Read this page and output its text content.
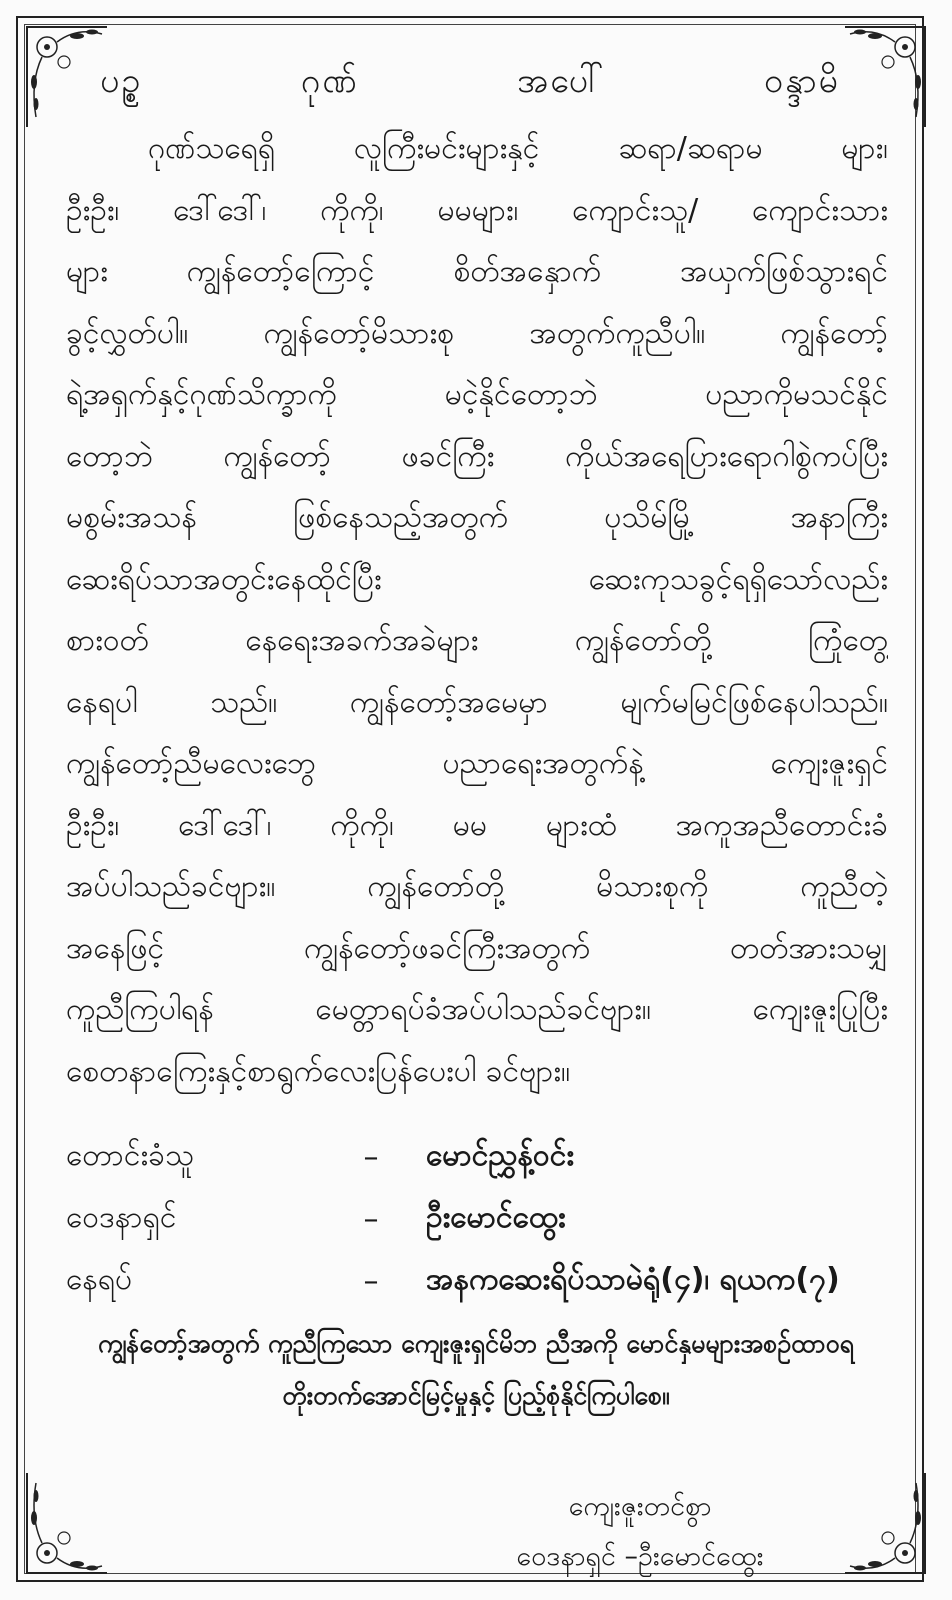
ပဉ္စ	ဂုဏ်	အပေါ်	ဝန္ဒာမိ
ဂုဏ်သရေရှိ လူကြီးမင်းများနှင့် ဆရာ/ဆရာမ များ၊
ဦးဦး၊ ဒေါ်ဒေါ်၊ ကိုကို၊ မမများ၊ ကျောင်းသူ/ ကျောင်းသား
များ ကျွန်တော့်ကြောင့် စိတ်အနှောက် အယှက်ဖြစ်သွားရင်
ခွင့်လွှတ်ပါ။ ကျွန်တော့်မိသားစု အတွက်ကူညီပါ။ ကျွန်တော့်
ရဲ့အရှက်နှင့်ဂုဏ်သိက္ခာကို မငဲ့နိုင်တော့ဘဲ ပညာကိုမသင်နိုင်
တော့ဘဲ ကျွန်တော့် ဖခင်ကြီး ကိုယ်အရေပြားရောဂါစွဲကပ်ပြီး
မစွမ်းအသန် ဖြစ်နေသည့်အတွက် ပုသိမ်မြို့ အနာကြီး
ဆေးရိပ်သာအတွင်းနေထိုင်ပြီး ဆေးကုသခွင့်ရရှိသော်လည်း
စားဝတ် နေရေးအခက်အခဲများ ကျွန်တော်တို့ ကြုံတွေ့
နေရပါ သည်။ ကျွန်တော့်အမေမှာ မျက်မမြင်ဖြစ်နေပါသည်။
ကျွန်တော့်ညီမလေးဘွေ ပညာရေးအတွက်နဲ့ ကျေးဇူးရှင်
ဦးဦး၊ ဒေါ်ဒေါ်၊ ကိုကို၊ မမ များထံ အကူအညီတောင်းခံ
အပ်ပါသည်ခင်ဗျား။ ကျွန်တော်တို့ မိသားစုကို ကူညီတဲ့
အနေဖြင့် ကျွန်တော့်ဖခင်ကြီးအတွက် တတ်အားသမျှ
ကူညီကြပါရန် မေတ္တာရပ်ခံအပ်ပါသည်ခင်ဗျား။ ကျေးဇူးပြုပြီး
စေတနာကြေးနှင့်စာရွက်လေးပြန်ပေးပါ ခင်ဗျား။
တောင်းခံသူ	–	မောင်ညွှန့်ဝင်း
ဝေဒနာရှင်	–	ဦးမောင်ထွေး
နေရပ်	–	အနကဆေးရိပ်သာမဲရုံ(၄)၊ ရယက(၇)
ကျွန်တော့်အတွက် ကူညီကြသော ကျေးဇူးရှင်မိဘ ညီအကို မောင်နှမများအစဉ်ထာဝရ
တိုးတက်အောင်မြင့်မှုနှင့် ပြည့်စုံနိုင်ကြပါစေ။
ကျေးဇူးတင်စွာ
ဝေဒနာရှင် –ဦးမောင်ထွေး
